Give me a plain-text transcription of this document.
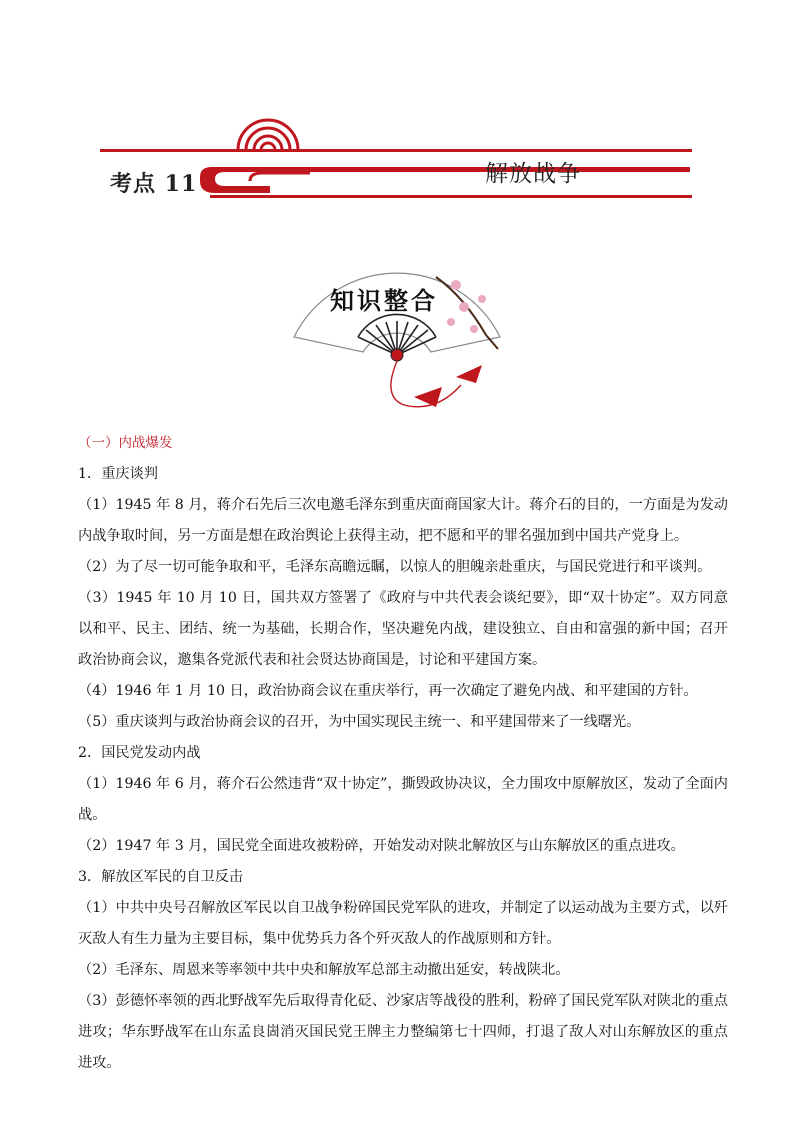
考点 11	解放战争
知识整合

（一）内战爆发

1．重庆谈判

（1）1945 年 8 月，蒋介石先后三次电邀毛泽东到重庆面商国家大计。蒋介石的目的，一方面是为发动内战争取时间，另一方面是想在政治舆论上获得主动，把不愿和平的罪名强加到中国共产党身上。

（2）为了尽一切可能争取和平，毛泽东高瞻远瞩，以惊人的胆魄亲赴重庆，与国民党进行和平谈判。

（3）1945 年 10 月 10 日，国共双方签署了《政府与中共代表会谈纪要》，即“双十协定”。双方同意以和平、民主、团结、统一为基础，长期合作，坚决避免内战，建设独立、自由和富强的新中国；召开政治协商会议，邀集各党派代表和社会贤达协商国是，讨论和平建国方案。

（4）1946 年 1 月 10 日，政治协商会议在重庆举行，再一次确定了避免内战、和平建国的方针。

（5）重庆谈判与政治协商会议的召开，为中国实现民主统一、和平建国带来了一线曙光。

2．国民党发动内战

（1）1946 年 6 月，蒋介石公然违背“双十协定”，撕毁政协决议，全力围攻中原解放区，发动了全面内战。

（2）1947 年 3 月，国民党全面进攻被粉碎，开始发动对陕北解放区与山东解放区的重点进攻。

3．解放区军民的自卫反击

（1）中共中央号召解放区军民以自卫战争粉碎国民党军队的进攻，并制定了以运动战为主要方式，以歼灭敌人有生力量为主要目标，集中优势兵力各个歼灭敌人的作战原则和方针。

（2）毛泽东、周恩来等率领中共中央和解放军总部主动撤出延安，转战陕北。

（3）彭德怀率领的西北野战军先后取得青化砭、沙家店等战役的胜利，粉碎了国民党军队对陕北的重点进攻；华东野战军在山东孟良崮消灭国民党王牌主力整编第七十四师，打退了敌人对山东解放区的重点进攻。
